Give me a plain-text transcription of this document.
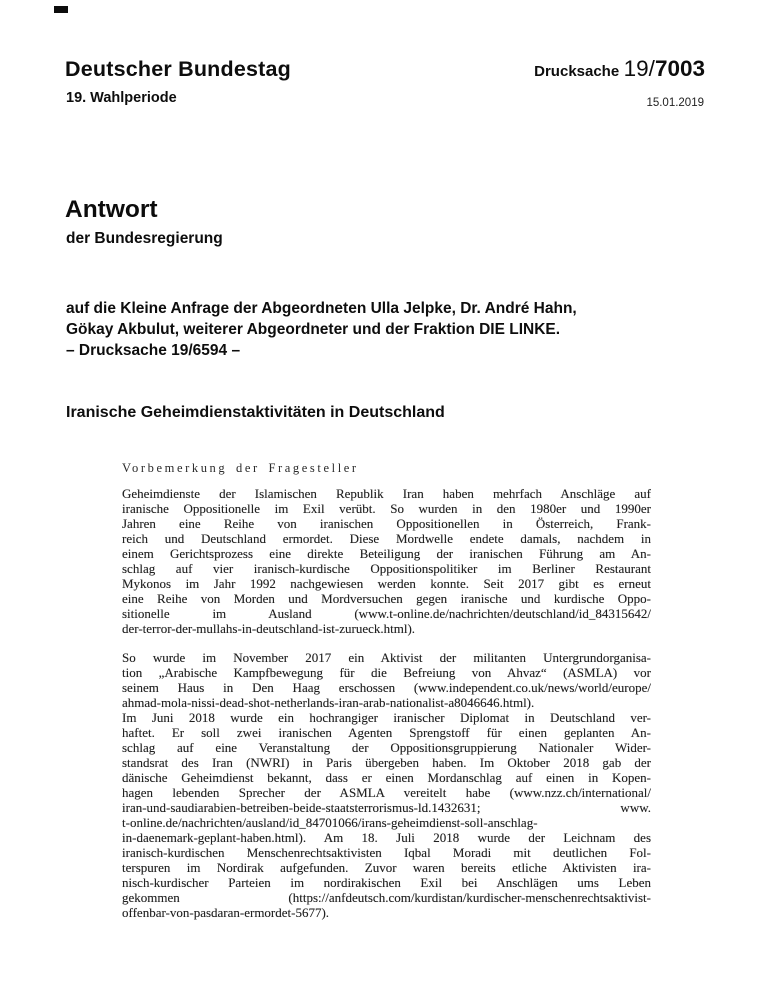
Deutscher Bundestag	Drucksache 19/7003
19. Wahlperiode	15.01.2019
Antwort
der Bundesregierung
auf die Kleine Anfrage der Abgeordneten Ulla Jelpke, Dr. André Hahn,
Gökay Akbulut, weiterer Abgeordneter und der Fraktion DIE LINKE.
– Drucksache 19/6594 –
Iranische Geheimdienstaktivitäten in Deutschland
Vorbemerkung der Fragesteller
Geheimdienste der Islamischen Republik Iran haben mehrfach Anschläge auf
iranische Oppositionelle im Exil verübt. So wurden in den 1980er und 1990er
Jahren eine Reihe von iranischen Oppositionellen in Österreich, Frank-
reich und Deutschland ermordet. Diese Mordwelle endete damals, nachdem in
einem Gerichtsprozess eine direkte Beteiligung der iranischen Führung am An-
schlag auf vier iranisch-kurdische Oppositionspolitiker im Berliner Restaurant
Mykonos im Jahr 1992 nachgewiesen werden konnte. Seit 2017 gibt es erneut
eine Reihe von Morden und Mordversuchen gegen iranische und kurdische Oppo-
sitionelle im Ausland (www.t-online.de/nachrichten/deutschland/id_84315642/
der-terror-der-mullahs-in-deutschland-ist-zurueck.html).
So wurde im November 2017 ein Aktivist der militanten Untergrundorganisa-
tion „Arabische Kampfbewegung für die Befreiung von Ahvaz“ (ASMLA) vor
seinem Haus in Den Haag erschossen (www.independent.co.uk/news/world/europe/
ahmad-mola-nissi-dead-shot-netherlands-iran-arab-nationalist-a8046646.html).
Im Juni 2018 wurde ein hochrangiger iranischer Diplomat in Deutschland ver-
haftet. Er soll zwei iranischen Agenten Sprengstoff für einen geplanten An-
schlag auf eine Veranstaltung der Oppositionsgruppierung Nationaler Wider-
standsrat des Iran (NWRI) in Paris übergeben haben. Im Oktober 2018 gab der
dänische Geheimdienst bekannt, dass er einen Mordanschlag auf einen in Kopen-
hagen lebenden Sprecher der ASMLA vereitelt habe (www.nzz.ch/international/
iran-und-saudiarabien-betreiben-beide-staatsterrorismus-ld.1432631; www.
t-online.de/nachrichten/ausland/id_84701066/irans-geheimdienst-soll-anschlag-
in-daenemark-geplant-haben.html). Am 18. Juli 2018 wurde der Leichnam des
iranisch-kurdischen Menschenrechtsaktivisten Iqbal Moradi mit deutlichen Fol-
terspuren im Nordirak aufgefunden. Zuvor waren bereits etliche Aktivisten ira-
nisch-kurdischer Parteien im nordirakischen Exil bei Anschlägen ums Leben
gekommen (https://anfdeutsch.com/kurdistan/kurdischer-menschenrechtsaktivist-
offenbar-von-pasdaran-ermordet-5677).
